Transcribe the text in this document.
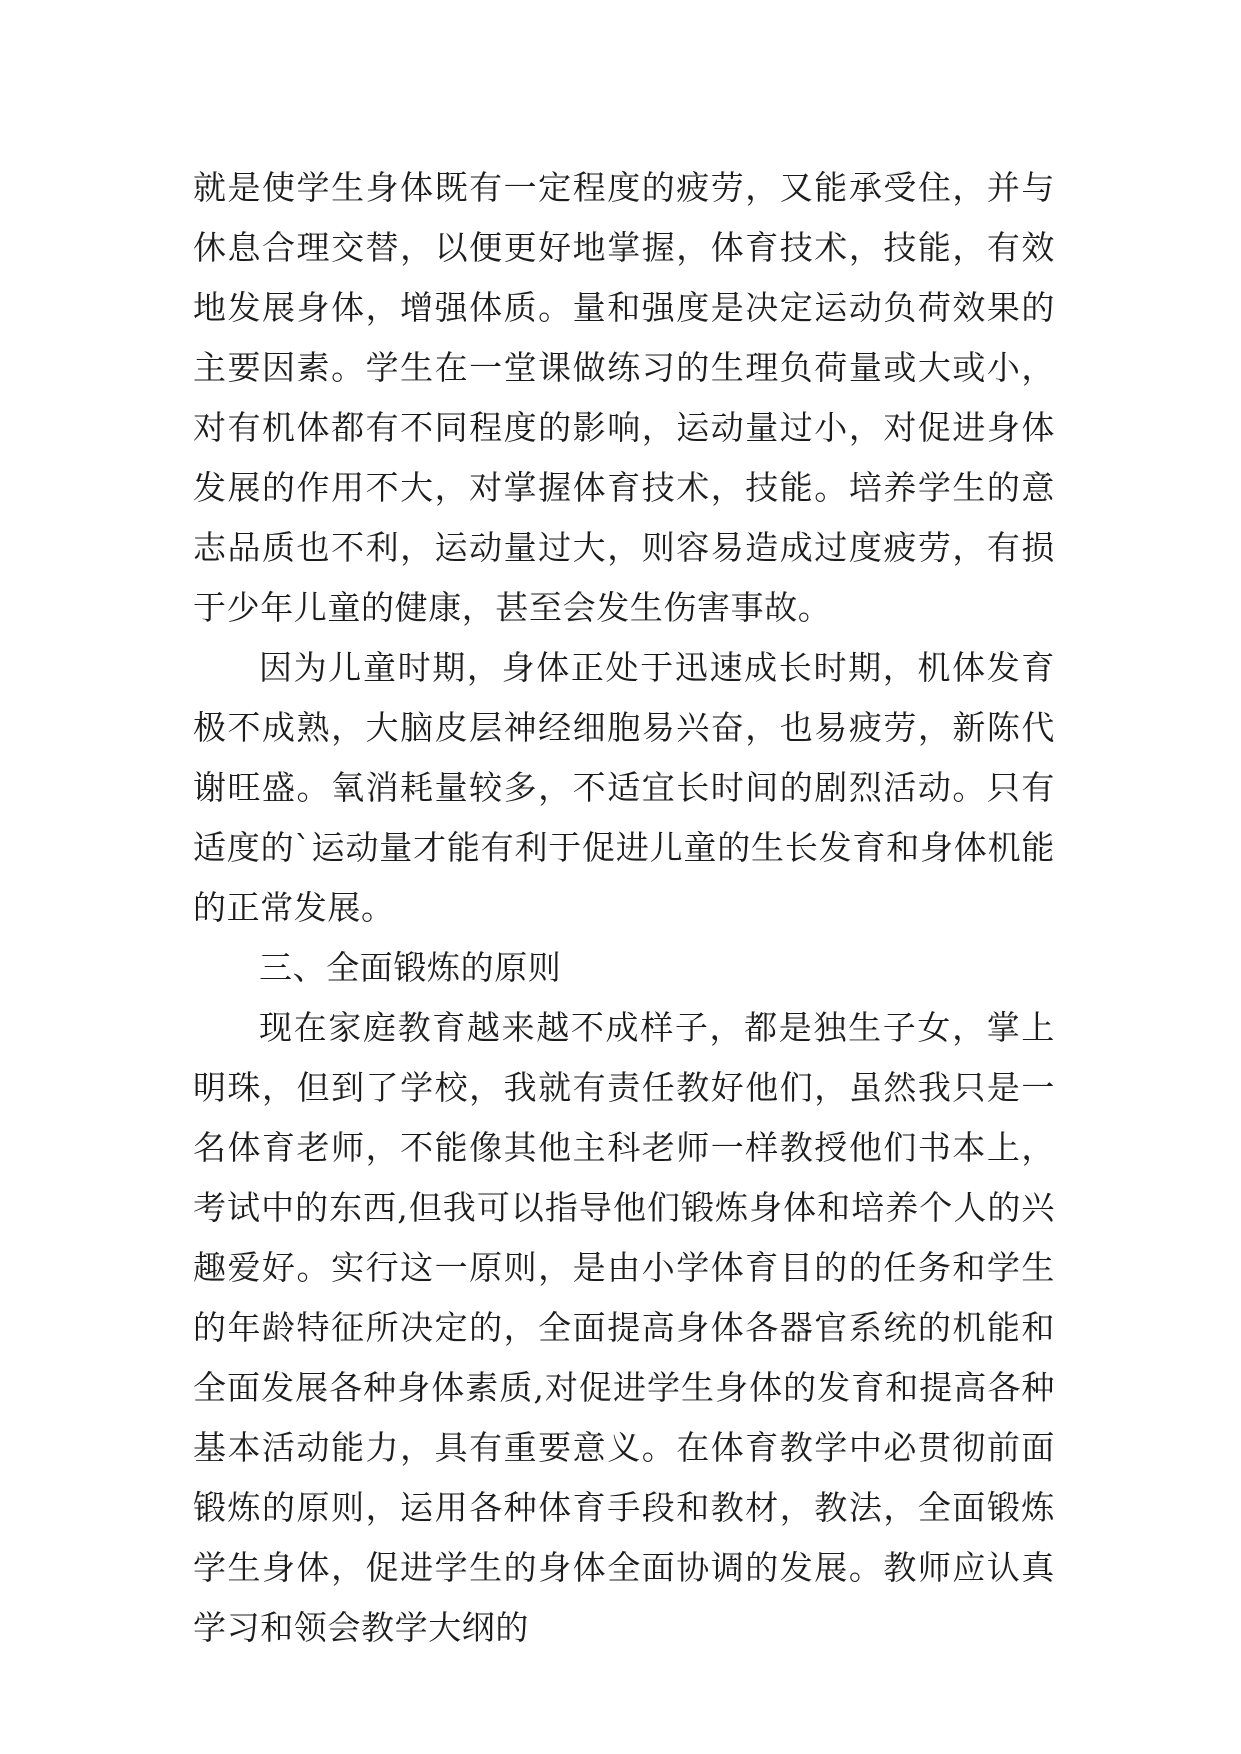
就是使学生身体既有一定程度的疲劳，又能承受住，并与休息合理交替，以便更好地掌握，体育技术，技能，有效地发展身体，增强体质。量和强度是决定运动负荷效果的主要因素。学生在一堂课做练习的生理负荷量或大或小，对有机体都有不同程度的影响，运动量过小，对促进身体发展的作用不大，对掌握体育技术，技能。培养学生的意志品质也不利，运动量过大，则容易造成过度疲劳，有损于少年儿童的健康，甚至会发生伤害事故。

因为儿童时期，身体正处于迅速成长时期，机体发育极不成熟，大脑皮层神经细胞易兴奋，也易疲劳，新陈代谢旺盛。氧消耗量较多，不适宜长时间的剧烈活动。只有适度的`运动量才能有利于促进儿童的生长发育和身体机能的正常发展。

三、全面锻炼的原则

现在家庭教育越来越不成样子，都是独生子女，掌上明珠，但到了学校，我就有责任教好他们，虽然我只是一名体育老师，不能像其他主科老师一样教授他们书本上，考试中的东西,但我可以指导他们锻炼身体和培养个人的兴趣爱好。实行这一原则，是由小学体育目的的任务和学生的年龄特征所决定的，全面提高身体各器官系统的机能和全面发展各种身体素质,对促进学生身体的发育和提高各种基本活动能力，具有重要意义。在体育教学中必贯彻前面锻炼的原则，运用各种体育手段和教材，教法，全面锻炼学生身体，促进学生的身体全面协调的发展。教师应认真学习和领会教学大纲的
